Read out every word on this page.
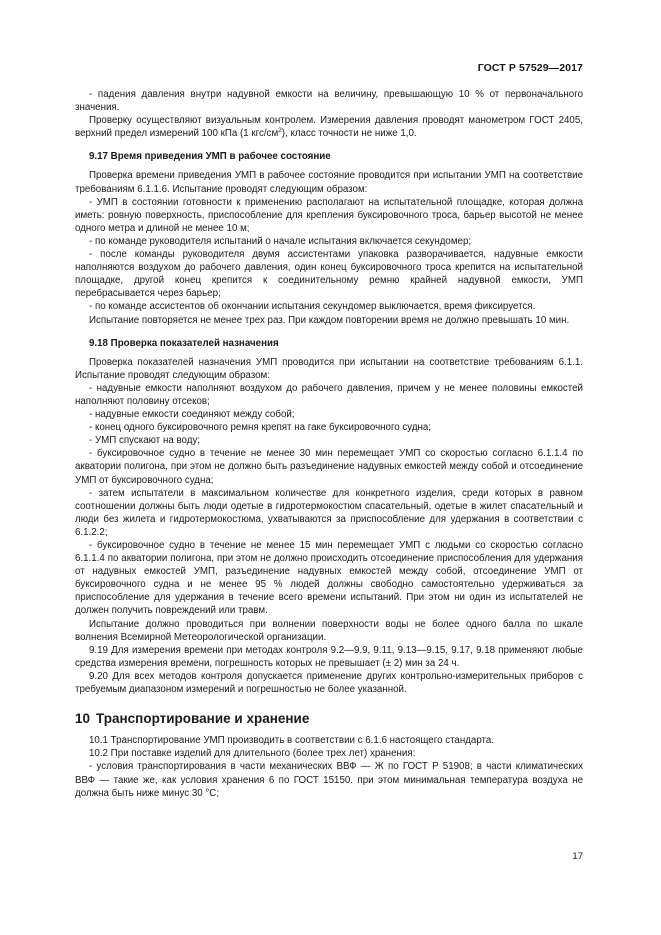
ГОСТ Р 57529—2017

- падения давления внутри надувной емкости на величину, превышающую 10 % от первоначального значения.

Проверку осуществляют визуальным контролем. Измерения давления проводят манометром ГОСТ 2405, верхний предел измерений 100 кПа (1 кгс/$см^2$), класс точности не ниже 1,0.

9.17 Время приведения УМП в рабочее состояние

Проверка времени приведения УМП в рабочее состояние проводится при испытании УМП на соответствие требованиям 6.1.1.6. Испытание проводят следующим образом:

- УМП в состоянии готовности к применению располагают на испытательной площадке, которая должна иметь: ровную поверхность, приспособление для крепления буксировочного троса, барьер высотой не менее одного метра и длиной не менее 10 м;

- по команде руководителя испытаний о начале испытания включается секундомер;

- после команды руководителя двумя ассистентами упаковка разворачивается, надувные емкости наполняются воздухом до рабочего давления, один конец буксировочного троса крепится на испытательной площадке, другой конец крепится к соединительному ремню крайней надувной емкости, УМП перебрасывается через барьер;

- по команде ассистентов об окончании испытания секундомер выключается, время фиксируется.

Испытание повторяется не менее трех раз. При каждом повторении время не должно превышать 10 мин.

9.18 Проверка показателей назначения

Проверка показателей назначения УМП проводится при испытании на соответствие требованиям 6.1.1. Испытание проводят следующим образом:

- надувные емкости наполняют воздухом до рабочего давления, причем у не менее половины емкостей наполняют половину отсеков;

- надувные емкости соединяют между собой;

- конец одного буксировочного ремня крепят на гаке буксировочного судна;

- УМП спускают на воду;

- буксировочное судно в течение не менее 30 мин перемещает УМП со скоростью согласно 6.1.1.4 по акватории полигона, при этом не должно быть разъединение надувных емкостей между собой и отсоединение УМП от буксировочного судна;

- затем испытатели в максимальном количестве для конкретного изделия, среди которых в равном соотношении должны быть люди одетые в гидротермокостюм спасательный, одетые в жилет спасательный и люди без жилета и гидротермокостюма, ухватываются за приспособление для удержания в соответствии с 6.1.2.2;

- буксировочное судно в течение не менее 15 мин перемещает УМП с людьми со скоростью согласно 6.1.1.4 по акватории полигона, при этом не должно происходить отсоединение приспособления для удержания от надувных емкостей УМП, разъединение надувных емкостей между собой, отсоединение УМП от буксировочного судна и не менее 95 % людей должны свободно самостоятельно удерживаться за приспособление для удержания в течение всего времени испытаний. При этом ни один из испытателей не должен получить повреждений или травм.

Испытание должно проводиться при волнении поверхности воды не более одного балла по шкале волнения Всемирной Метеорологической организации.

9.19 Для измерения времени при методах контроля 9.2—9.9, 9.11, 9.13—9.15, 9.17, 9.18 применяют любые средства измерения времени, погрешность которых не превышает (± 2) мин за 24 ч.

9.20 Для всех методов контроля допускается применение других контрольно-измерительных приборов с требуемым диапазоном измерений и погрешностью не более указанной.

10 Транспортирование и хранение

10.1 Транспортирование УМП производить в соответствии с 6.1.6 настоящего стандарта.

10.2 При поставке изделий для длительного (более трех лет) хранения:

- условия транспортирования в части механических ВВФ — Ж по ГОСТ Р 51908; в части климатических ВВФ — такие же, как условия хранения 6 по ГОСТ 15150. при этом минимальная температура воздуха не должна быть ниже минус 30 °С;

17
